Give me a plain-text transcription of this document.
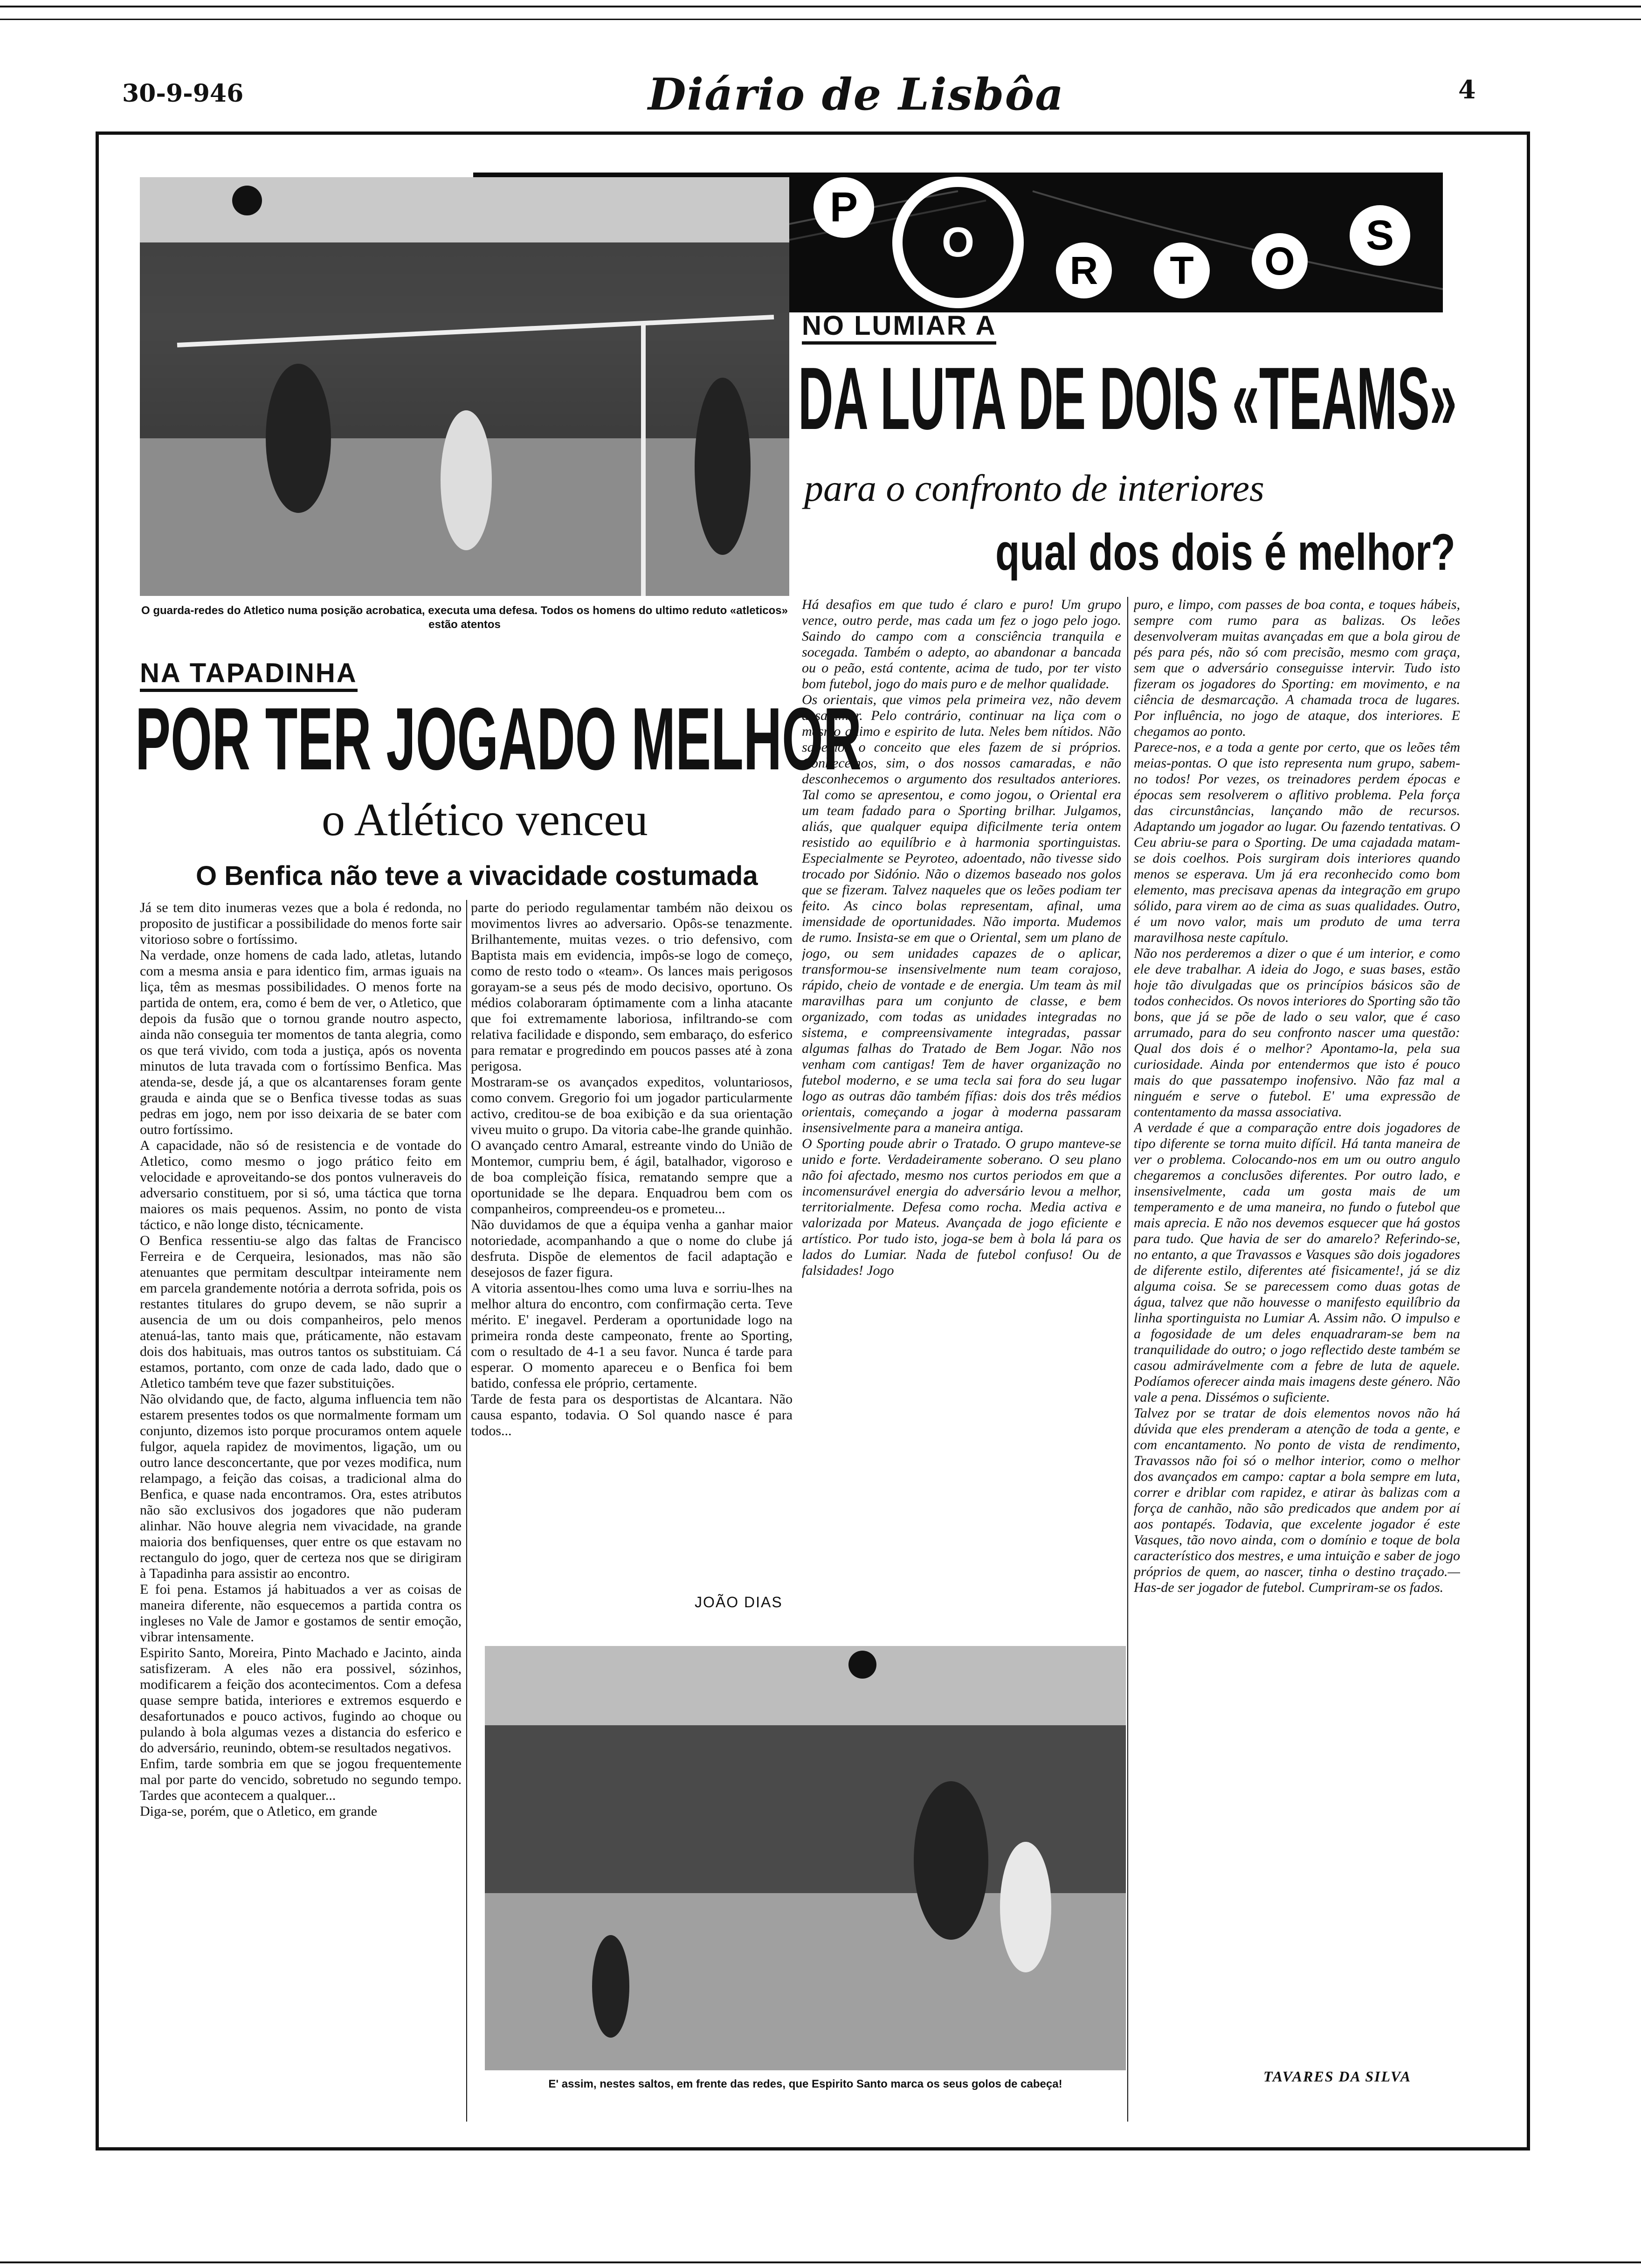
30-9-946	Diário de Lisbôa	4
P
O
R	T	O
S
O guarda-redes do Atletico numa posição acrobatica, executa uma defesa. Todos os homens do ultimo reduto «atleticos» estão atentos
NA TAPADINHA
POR TER JOGADO MELHOR
o Atlético venceu
O Benfica não teve a vivacidade costumada
Já se tem dito inumeras vezes que a bola é redonda, no proposito de justificar a possibilidade do menos forte sair vitorioso sobre o fortíssimo.
Na verdade, onze homens de cada lado, atletas, lutando com a mesma ansia e para identico fim, armas iguais na liça, têm as mesmas possibilidades. O menos forte na partida de ontem, era, como é bem de ver, o Atletico, que depois da fusão que o tornou grande noutro aspecto, ainda não conseguia ter momentos de tanta alegria, como os que terá vivido, com toda a justiça, após os noventa minutos de luta travada com o fortíssimo Benfica. Mas atenda-se, desde já, a que os alcantarenses foram gente grauda e ainda que se o Benfica tivesse todas as suas pedras em jogo, nem por isso deixaria de se bater com outro fortíssimo.
A capacidade, não só de resistencia e de vontade do Atletico, como mesmo o jogo prático feito em velocidade e aproveitando-se dos pontos vulneraveis do adversario constituem, por si só, uma táctica que torna maiores os mais pequenos. Assim, no ponto de vista táctico, e não longe disto, técnicamente.
O Benfica ressentiu-se algo das faltas de Francisco Ferreira e de Cerqueira, lesionados, mas não são atenuantes que permitam descultpar inteiramente nem em parcela grandemente notória a derrota sofrida, pois os restantes titulares do grupo devem, se não suprir a ausencia de um ou dois companheiros, pelo menos atenuá-las, tanto mais que, práticamente, não estavam dois dos habituais, mas outros tantos os substituiam. Cá estamos, portanto, com onze de cada lado, dado que o Atletico também teve que fazer substituições.
Não olvidando que, de facto, alguma influencia tem não estarem presentes todos os que normalmente formam um conjunto, dizemos isto porque procuramos ontem aquele fulgor, aquela rapidez de movimentos, ligação, um ou outro lance desconcertante, que por vezes modifica, num relampago, a feição das coisas, a tradicional alma do Benfica, e quase nada encontramos. Ora, estes atributos não são exclusivos dos jogadores que não puderam alinhar. Não houve alegria nem vivacidade, na grande maioria dos benfiquenses, quer entre os que estavam no rectangulo do jogo, quer de certeza nos que se dirigiram à Tapadinha para assistir ao encontro.
E foi pena. Estamos já habituados a ver as coisas de maneira diferente, não esquecemos a partida contra os ingleses no Vale de Jamor e gostamos de sentir emoção, vibrar intensamente.
Espirito Santo, Moreira, Pinto Machado e Jacinto, ainda satisfizeram. A eles não era possivel, sózinhos, modificarem a feição dos acontecimentos. Com a defesa quase sempre batida, interiores e extremos esquerdo e desafortunados e pouco activos, fugindo ao choque ou pulando à bola algumas vezes a distancia do esferico e do adversário, reunindo, obtem-se resultados negativos.
Enfim, tarde sombria em que se jogou frequentemente mal por parte do vencido, sobretudo no segundo tempo. Tardes que acontecem a qualquer...
Diga-se, porém, que o Atletico, em grande
parte do periodo regulamentar também não deixou os movimentos livres ao adversario. Opôs-se tenazmente. Brilhantemente, muitas vezes. o trio defensivo, com Baptista mais em evidencia, impôs-se logo de começo, como de resto todo o «team». Os lances mais perigosos gorayam-se a seus pés de modo decisivo, oportuno. Os médios colaboraram óptimamente com a linha atacante que foi extremamente laboriosa, infiltrando-se com relativa facilidade e dispondo, sem embaraço, do esferico para rematar e progredindo em poucos passes até à zona perigosa.
Mostraram-se os avançados expeditos, voluntariosos, como convem. Gregorio foi um jogador particularmente activo, creditou-se de boa exibição e da sua orientação viveu muito o grupo. Da vitoria cabe-lhe grande quinhão. O avançado centro Amaral, estreante vindo do União de Montemor, cumpriu bem, é ágil, batalhador, vigoroso e de boa compleição física, rematando sempre que a oportunidade se lhe depara. Enquadrou bem com os companheiros, compreendeu-os e prometeu...
Não duvidamos de que a équipa venha a ganhar maior notoriedade, acompanhando a que o nome do clube já desfruta. Dispõe de elementos de facil adaptação e desejosos de fazer figura.
A vitoria assentou-lhes como uma luva e sorriu-lhes na melhor altura do encontro, com confirmação certa. Teve mérito. E' inegavel. Perderam a oportunidade logo na primeira ronda deste campeonato, frente ao Sporting, com o resultado de 4-1 a seu favor. Nunca é tarde para esperar. O momento apareceu e o Benfica foi bem batido, confessa ele próprio, certamente.
Tarde de festa para os desportistas de Alcantara. Não causa espanto, todavia. O Sol quando nasce é para todos...
JOÃO DIAS
NO LUMIAR A
DA LUTA DE DOIS «TEAMS»
para o confronto de interiores
qual dos dois é melhor?
Há desafios em que tudo é claro e puro! Um grupo vence, outro perde, mas cada um fez o jogo pelo jogo. Saindo do campo com a consciência tranquila e socegada. Também o adepto, ao abandonar a bancada ou o peão, está contente, acima de tudo, por ter visto bom futebol, jogo do mais puro e de melhor qualidade.
Os orientais, que vimos pela primeira vez, não devem desanimar. Pelo contrário, continuar na liça com o mesmo animo e espirito de luta. Neles bem nítidos. Não sabemos o conceito que eles fazem de si próprios. Conhecemos, sim, o dos nossos camaradas, e não desconhecemos o argumento dos resultados anteriores. Tal como se apresentou, e como jogou, o Oriental era um team fadado para o Sporting brilhar. Julgamos, aliás, que qualquer equipa dificilmente teria ontem resistido ao equilíbrio e à harmonia sportinguistas. Especialmente se Peyroteo, adoentado, não tivesse sido trocado por Sidónio. Não o dizemos baseado nos golos que se fizeram. Talvez naqueles que os leões podiam ter feito. As cinco bolas representam, afinal, uma imensidade de oportunidades. Não importa. Mudemos de rumo. Insista-se em que o Oriental, sem um plano de jogo, ou sem unidades capazes de o aplicar, transformou-se insensivelmente num team corajoso, rápido, cheio de vontade e de energia. Um team às mil maravilhas para um conjunto de classe, e bem organizado, com todas as unidades integradas no sistema, e compreensivamente integradas, passar algumas falhas do Tratado de Bem Jogar. Não nos venham com cantigas! Tem de haver organização no futebol moderno, e se uma tecla sai fora do seu lugar logo as outras dão também fífias: dois dos três médios orientais, começando a jogar à moderna passaram insensivelmente para a maneira antiga.
O Sporting poude abrir o Tratado. O grupo manteve-se unido e forte. Verdadeiramente soberano. O seu plano não foi afectado, mesmo nos curtos periodos em que a incomensurável energia do adversário levou a melhor, territorialmente. Defesa como rocha. Media activa e valorizada por Mateus. Avançada de jogo eficiente e artístico. Por tudo isto, joga-se bem à bola lá para os lados do Lumiar. Nada de futebol confuso! Ou de falsidades! Jogo
puro, e limpo, com passes de boa conta, e toques hábeis, sempre com rumo para as balizas. Os leões desenvolveram muitas avançadas em que a bola girou de pés para pés, não só com precisão, mesmo com graça, sem que o adversário conseguisse intervir. Tudo isto fizeram os jogadores do Sporting: em movimento, e na ciência de desmarcação. A chamada troca de lugares. Por influência, no jogo de ataque, dos interiores. E chegamos ao ponto.
Parece-nos, e a toda a gente por certo, que os leões têm meias-pontas. O que isto representa num grupo, sabem-no todos! Por vezes, os treinadores perdem épocas e épocas sem resolverem o aflitivo problema. Pela força das circunstâncias, lançando mão de recursos. Adaptando um jogador ao lugar. Ou fazendo tentativas. O Ceu abriu-se para o Sporting. De uma cajadada matam-se dois coelhos. Pois surgiram dois interiores quando menos se esperava. Um já era reconhecido como bom elemento, mas precisava apenas da integração em grupo sólido, para virem ao de cima as suas qualidades. Outro, é um novo valor, mais um produto de uma terra maravilhosa neste capítulo.
Não nos perderemos a dizer o que é um interior, e como ele deve trabalhar. A ideia do Jogo, e suas bases, estão hoje tão divulgadas que os princípios básicos são de todos conhecidos. Os novos interiores do Sporting são tão bons, que já se põe de lado o seu valor, que é caso arrumado, para do seu confronto nascer uma questão: Qual dos dois é o melhor? Apontamo-la, pela sua curiosidade. Ainda por entendermos que isto é pouco mais do que passatempo inofensivo. Não faz mal a ninguém e serve o futebol. E' uma expressão de contentamento da massa associativa.
A verdade é que a comparação entre dois jogadores de tipo diferente se torna muito difícil. Há tanta maneira de ver o problema. Colocando-nos em um ou outro angulo chegaremos a conclusões diferentes. Por outro lado, e insensivelmente, cada um gosta mais de um temperamento e de uma maneira, no fundo o futebol que mais aprecia. E não nos devemos esquecer que há gostos para tudo. Que havia de ser do amarelo? Referindo-se, no entanto, a que Travassos e Vasques são dois jogadores de diferente estilo, diferentes até fisicamente!, já se diz alguma coisa. Se se parecessem como duas gotas de água, talvez que não houvesse o manifesto equilíbrio da linha sportinguista no Lumiar A. Assim não. O impulso e a fogosidade de um deles enquadraram-se bem na tranquilidade do outro; o jogo reflectido deste também se casou admirávelmente com a febre de luta de aquele. Podíamos oferecer ainda mais imagens deste género. Não vale a pena. Dissémos o suficiente.
Talvez por se tratar de dois elementos novos não há dúvida que eles prenderam a atenção de toda a gente, e com encantamento. No ponto de vista de rendimento, Travassos não foi só o melhor interior, como o melhor dos avançados em campo: captar a bola sempre em luta, correr e driblar com rapidez, e atirar às balizas com a força de canhão, não são predicados que andem por aí aos pontapés. Todavia, que excelente jogador é este Vasques, tão novo ainda, com o domínio e toque de bola característico dos mestres, e uma intuição e saber de jogo próprios de quem, ao nascer, tinha o destino traçado.—Has-de ser jogador de futebol. Cumpriram-se os fados.
TAVARES DA SILVA
E' assim, nestes saltos, em frente das redes, que Espirito Santo marca os seus golos de cabeça!
